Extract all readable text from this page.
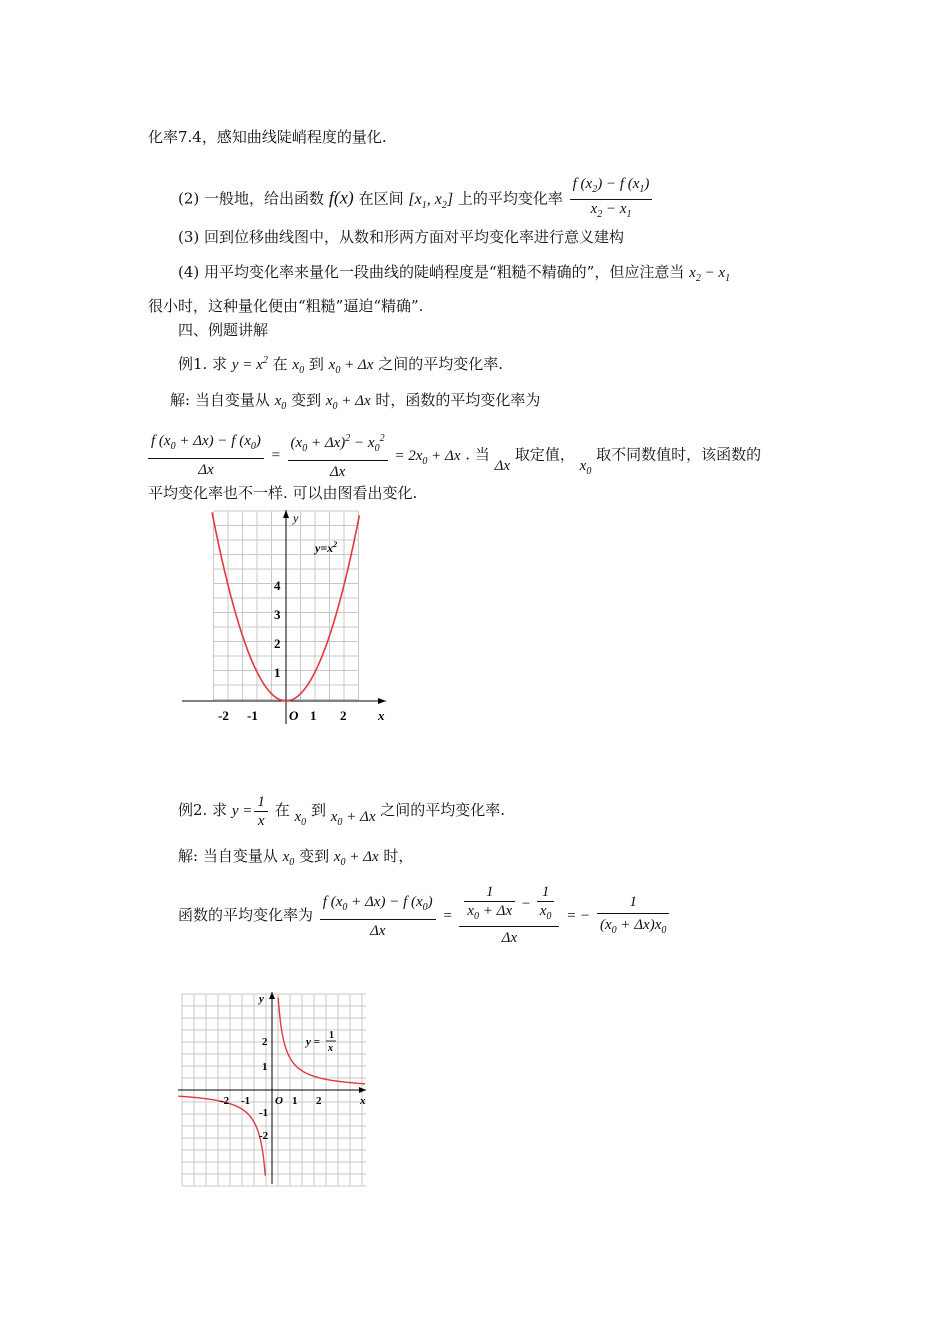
化率7.4，感知曲线陡峭程度的量化.
(2) 一般地，给出函数 f(x) 在区间 [$x_1$, $x_2$] 上的平均变化率 $\frac{f (x_2) - f (x_1)}{x_2 - x_1}$
(3) 回到位移曲线图中，从数和形两方面对平均变化率进行意义建构
(4) 用平均变化率来量化一段曲线的陡峭程度是“粗糙不精确的”，但应注意当 $x_2 - x_1$
很小时，这种量化便由“粗糙”逼迫“精确”.
四、例题讲解
例1. 求 $y = x^2$ 在 $x_0$ 到 $x_0 + \Delta x$ 之间的平均变化率.
解: 当自变量从 $x_0$ 变到 $x_0 + \Delta x$ 时，函数的平均变化率为
$\frac{f (x_0 + \Delta x) - f (x_0)}{\Delta x} = \frac{(x_0 + \Delta x)^2 - x_0^2}{\Delta x} = 2x_0 + \Delta x$ . 当 Δx 取定值， $x_0$ 取不同数值时，该函数的
平均变化率也不一样. 可以由图看出变化.
$y=x^2$
y
x
O
-2 -1	1 2
1
2
3
4
例2. 求 $y = \frac{1}{x}$ 在 $x_0$ 到 $x_0 + \Delta x$ 之间的平均变化率.
解: 当自变量从 $x_0$ 变到 $x_0 + \Delta x$ 时，
函数的平均变化率为 $\frac{f (x_0 + \Delta x) - f (x_0)}{\Delta x} = \frac{\frac{1}{x_0 + \Delta x} - \frac{1}{x_0}}{\Delta x}$ = − $\frac{1}{(x_0 + \Delta x)x_0}$
y =
1
x
y
x
O
-2 -1	1 2
2
1
-1
-2
